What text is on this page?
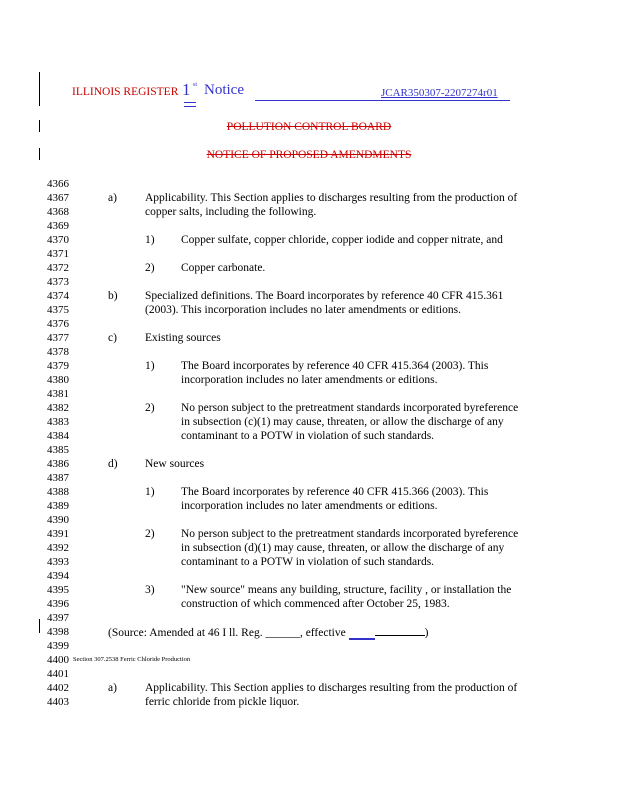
ILLINOIS REGISTER 1 st Notice	JCAR350307-2207274r01
POLLUTION CONTROL BOARD
NOTICE OF PROPOSED AMENDMENTS
4366
4367
4368
4369
4370
4371
4372
4373
4374
4375
4376
4377
4378
4379
4380
4381
4382
4383
4384
4385
4386
4387
4388
4389
4390
4391
4392
4393
4394
4395
4396
4397
4398
4399
4400
4401
4402
4403
a) Applicability. This Section applies to discharges resulting from the production of
copper salts, including the following.
1) Copper sulfate, copper chloride, copper iodide and copper nitrate, and
2) Copper carbonate.
b) Specialized definitions. The Board incorporates by reference 40 CFR 415.361
(2003). This incorporation includes no later amendments or editions.
c) Existing sources
1) The Board incorporates by reference 40 CFR 415.364 (2003). This
incorporation includes no later amendments or editions.
2) No person subject to the pretreatment standards incorporated byreference
in subsection (c)(1) may cause, threaten, or allow the discharge of any
contaminant to a POTW in violation of such standards.
d) New sources
1) The Board incorporates by reference 40 CFR 415.366 (2003). This
incorporation includes no later amendments or editions.
2) No person subject to the pretreatment standards incorporated byreference
in subsection (d)(1) may cause, threaten, or allow the discharge of any
contaminant to a POTW in violation of such standards.
3) "New source" means any building, structure, facility , or installation the
construction of which commenced after October 25, 1983.
(Source: Amended at 46 I ll. Reg. ______, effective	)
Section 307.2538 Ferric Chloride Production
a) Applicability. This Section applies to discharges resulting from the production of
ferric chloride from pickle liquor.
